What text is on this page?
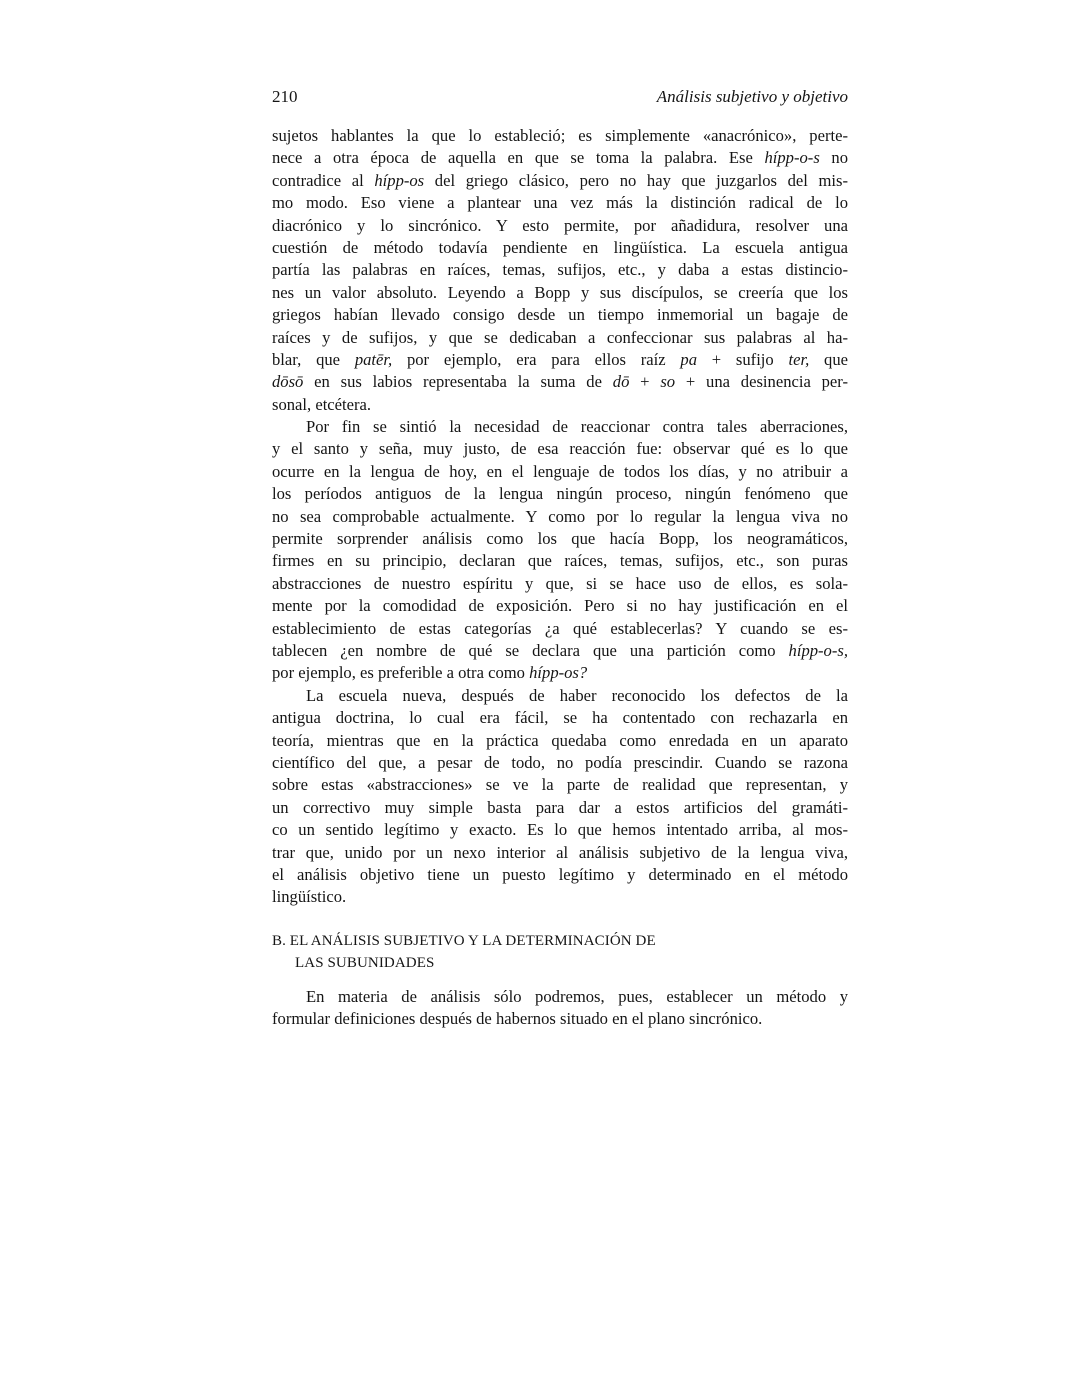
210	Análisis subjetivo y objetivo
sujetos hablantes la que lo estableció; es simplemente «anacrónico», perte-
nece a otra época de aquella en que se toma la palabra. Ese hípp-o-s no
contradice al hípp-os del griego clásico, pero no hay que juzgarlos del mis-
mo modo. Eso viene a plantear una vez más la distinción radical de lo
diacrónico y lo sincrónico. Y esto permite, por añadidura, resolver una
cuestión de método todavía pendiente en lingüística. La escuela antigua
partía las palabras en raíces, temas, sufijos, etc., y daba a estas distincio-
nes un valor absoluto. Leyendo a Bopp y sus discípulos, se creería que los
griegos habían llevado consigo desde un tiempo inmemorial un bagaje de
raíces y de sufijos, y que se dedicaban a confeccionar sus palabras al ha-
blar, que patēr, por ejemplo, era para ellos raíz pa + sufijo ter, que
dōsō en sus labios representaba la suma de dō + so + una desinencia per-
sonal, etcétera.
Por fin se sintió la necesidad de reaccionar contra tales aberraciones,
y el santo y seña, muy justo, de esa reacción fue: observar qué es lo que
ocurre en la lengua de hoy, en el lenguaje de todos los días, y no atribuir a
los períodos antiguos de la lengua ningún proceso, ningún fenómeno que
no sea comprobable actualmente. Y como por lo regular la lengua viva no
permite sorprender análisis como los que hacía Bopp, los neogramáticos,
firmes en su principio, declaran que raíces, temas, sufijos, etc., son puras
abstracciones de nuestro espíritu y que, si se hace uso de ellos, es sola-
mente por la comodidad de exposición. Pero si no hay justificación en el
establecimiento de estas categorías ¿a qué establecerlas? Y cuando se es-
tablecen ¿en nombre de qué se declara que una partición como hípp-o-s,
por ejemplo, es preferible a otra como hípp-os?
La escuela nueva, después de haber reconocido los defectos de la
antigua doctrina, lo cual era fácil, se ha contentado con rechazarla en
teoría, mientras que en la práctica quedaba como enredada en un aparato
científico del que, a pesar de todo, no podía prescindir. Cuando se razona
sobre estas «abstracciones» se ve la parte de realidad que representan, y
un correctivo muy simple basta para dar a estos artificios del gramáti-
co un sentido legítimo y exacto. Es lo que hemos intentado arriba, al mos-
trar que, unido por un nexo interior al análisis subjetivo de la lengua viva,
el análisis objetivo tiene un puesto legítimo y determinado en el método
lingüístico.
B. EL ANÁLISIS SUBJETIVO Y LA DETERMINACIÓN DE
LAS SUBUNIDADES
En materia de análisis sólo podremos, pues, establecer un método y
formular definiciones después de habernos situado en el plano sincrónico.
